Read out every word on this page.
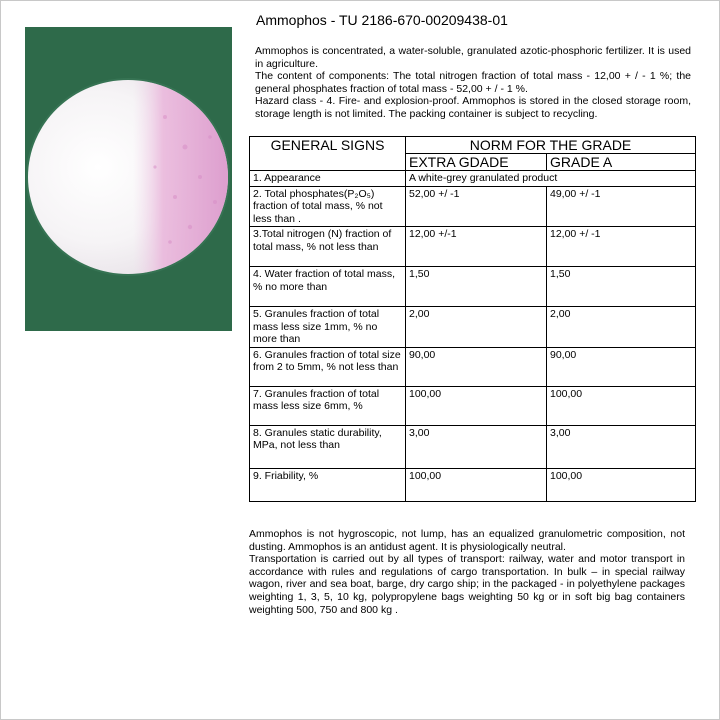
Ammophos - TU 2186-670-00209438-01

Ammophos is concentrated, a water-soluble, granulated azotic-phosphoric fertilizer. It is used in agriculture.

The content of components: The total nitrogen fraction of total mass - 12,00 + / - 1 %; the general phosphates fraction of total mass - 52,00 + / - 1 %.

Hazard class - 4. Fire- and explosion-proof. Ammophos is stored in the closed storage room, storage length is not limited. The packing container is subject to recycling.

GENERAL SIGNS	NORM FOR THE GRADE	
	EXTRA GDADE	GRADE A
1. Appearance	A white-grey granulated product	
2. Total phosphates(P₂O₅) fraction of total mass, % not less than .	52,00 +/ -1	49,00 +/ -1
3.Total nitrogen (N) fraction of total mass, % not less than	12,00 +/-1	12,00 +/ -1
4. Water fraction of total mass, % no more than	1,50	1,50
5. Granules fraction of total mass less size 1mm, % no more than	2,00	2,00
6. Granules fraction of total size from 2 to 5mm, % not less than	90,00	90,00
7. Granules fraction of total mass less size 6mm, %	100,00	100,00
8. Granules static durability, MPa, not less than	3,00	3,00
9. Friability, %	100,00	100,00

Ammophos is not hygroscopic, not lump, has an equalized granulometric composition, not dusting. Ammophos is an antidust agent. It is physiologically neutral.

Transportation is carried out by all types of transport: railway, water and motor transport in accordance with rules and regulations of cargo transportation. In bulk – in special railway wagon, river and sea boat, barge, dry cargo ship; in the packaged - in polyethylene packages weighting 1, 3, 5, 10 kg, polypropylene bags weighting 50 kg or in soft big bag containers weighting 500, 750 and 800 kg .
